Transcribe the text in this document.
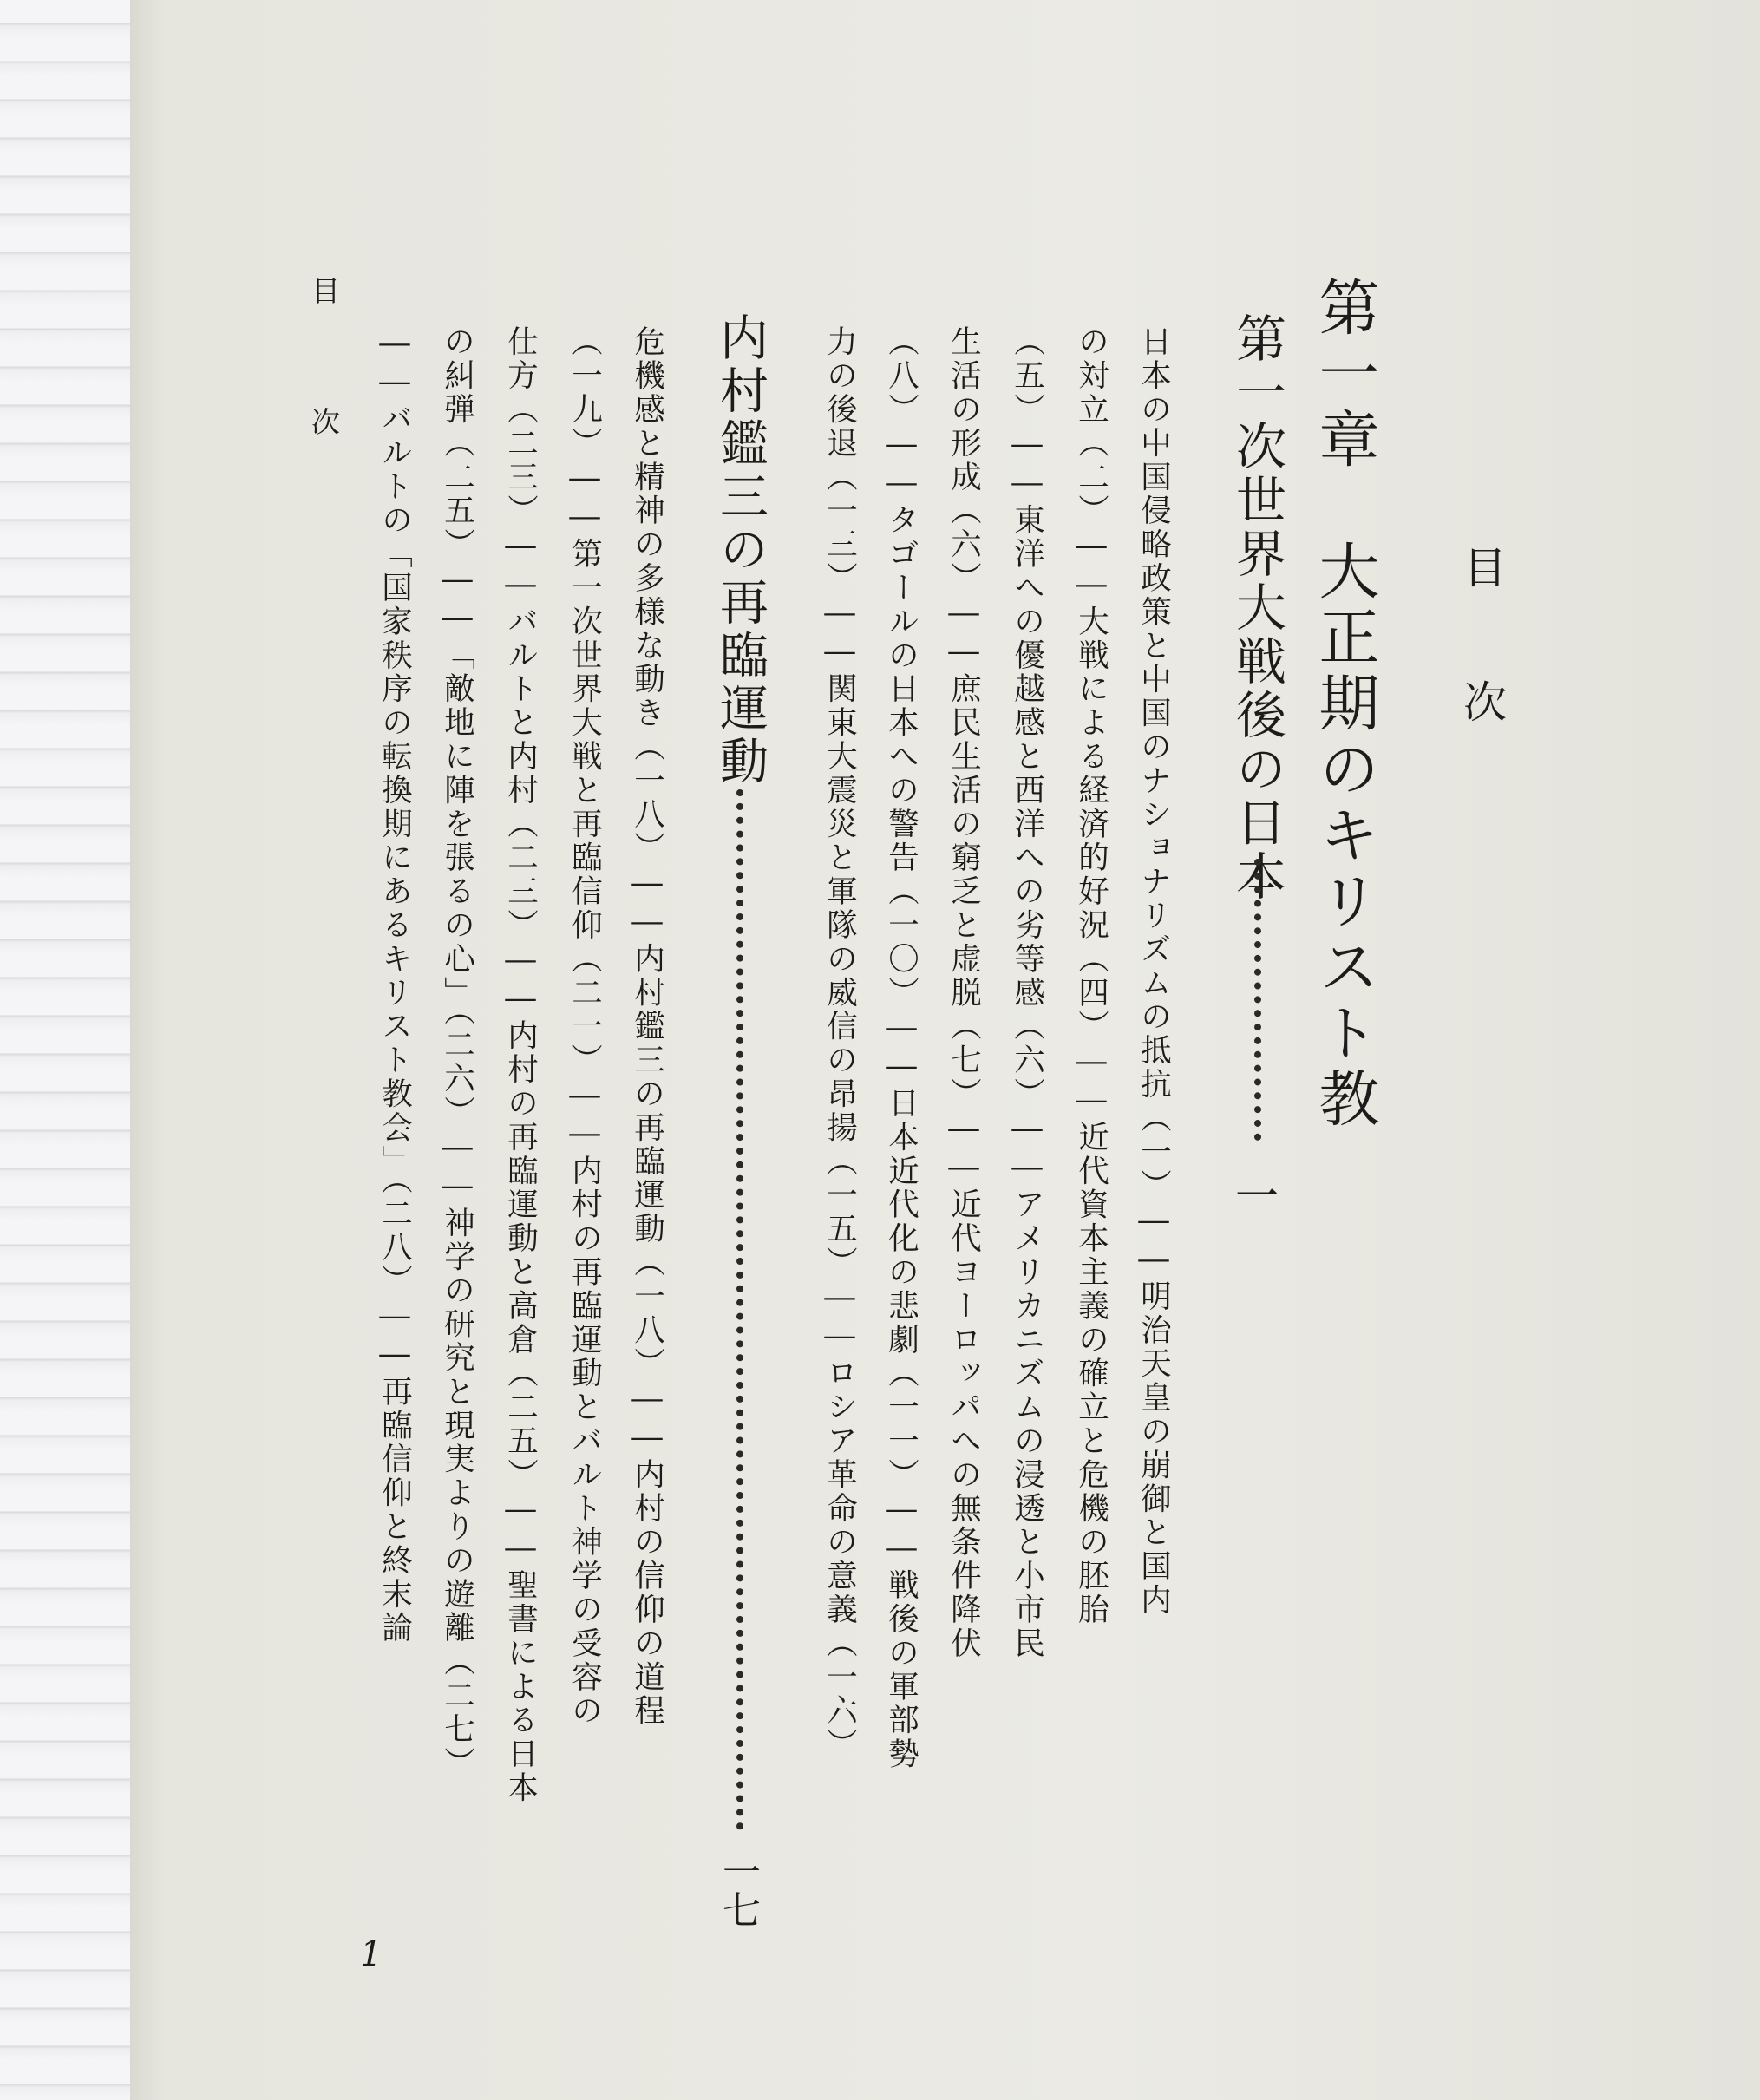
目次
目次
第一章　大正期のキリスト教
第一次世界大戦後の日本
一
日本の中国侵略政策と中国のナショナリズムの抵抗（一）――明治天皇の崩御と国内
の対立（二）――大戦による経済的好況（四）――近代資本主義の確立と危機の胚胎
（五）――東洋への優越感と西洋への劣等感（六）――アメリカニズムの浸透と小市民
生活の形成（六）――庶民生活の窮乏と虚脱（七）――近代ヨーロッパへの無条件降伏
（八）――タゴールの日本への警告（一〇）――日本近代化の悲劇（一一）――戦後の軍部勢
力の後退（一三）――関東大震災と軍隊の威信の昂揚（一五）――ロシア革命の意義（一六）
内村鑑三の再臨運動
一七
危機感と精神の多様な動き（一八）――内村鑑三の再臨運動（一八）――内村の信仰の道程
（一九）――第一次世界大戦と再臨信仰（二一）――内村の再臨運動とバルト神学の受容の
仕方（二三）――バルトと内村（二三）――内村の再臨運動と高倉（二五）――聖書による日本
の糾弾（二五）――「敵地に陣を張るの心」（二六）――神学の研究と現実よりの遊離（二七）
――バルトの「国家秩序の転換期にあるキリスト教会」（二八）――再臨信仰と終末論
1
